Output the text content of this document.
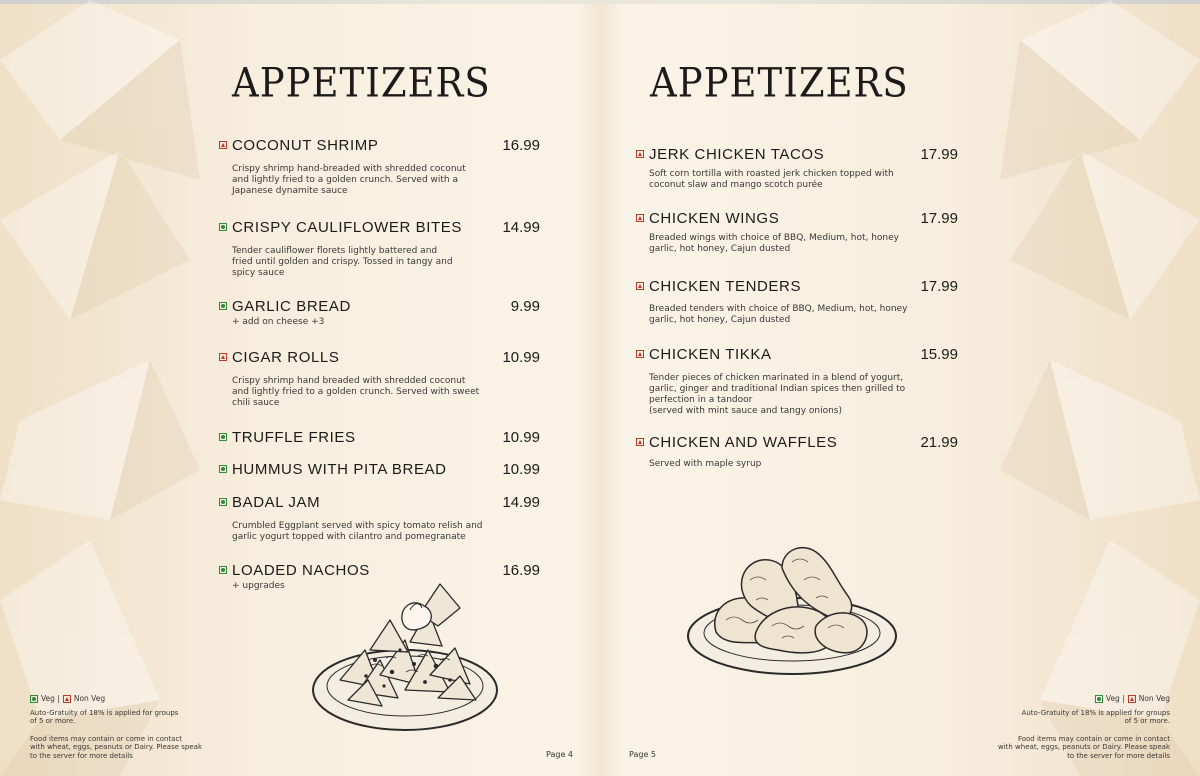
APPETIZERS
COCONUT SHRIMP	16.99
Crispy shrimp hand-breaded with shredded coconut
and lightly fried to a golden crunch. Served with a
Japanese dynamite sauce
CRISPY CAULIFLOWER BITES	14.99
Tender cauliflower florets lightly battered and
fried until golden and crispy. Tossed in tangy and
spicy sauce
GARLIC BREAD	9.99
+ add on cheese +3
CIGAR ROLLS	10.99
Crispy shrimp hand breaded with shredded coconut
and lightly fried to a golden crunch. Served with sweet
chili sauce
TRUFFLE FRIES	10.99
HUMMUS WITH PITA BREAD	10.99
BADAL JAM	14.99
Crumbled Eggplant served with spicy tomato relish and
garlic yogurt topped with cilantro and pomegranate
LOADED NACHOS	16.99
+ upgrades
APPETIZERS
JERK CHICKEN TACOS	17.99
Soft corn tortilla with roasted jerk chicken topped with
coconut slaw and mango scotch purée
CHICKEN WINGS	17.99
Breaded wings with choice of BBQ, Medium, hot, honey
garlic, hot honey, Cajun dusted
CHICKEN TENDERS	17.99
Breaded tenders with choice of BBQ, Medium, hot, honey
garlic, hot honey, Cajun dusted
CHICKEN TIKKA	15.99
Tender pieces of chicken marinated in a blend of yogurt,
garlic, ginger and traditional Indian spices then grilled to
perfection in a tandoor
(served with mint sauce and tangy onions)
CHICKEN AND WAFFLES	21.99
Served with maple syrup
Veg | Non Veg
Auto-Gratuity of 18% is applied for groups
of 5 or more.
Food items may contain or come in contact
with wheat, eggs, peanuts or Dairy. Please speak
to the server for more details
Veg | Non Veg
Auto-Gratuity of 18% is applied for groups
of 5 or more.
Food items may contain or come in contact
with wheat, eggs, peanuts or Dairy. Please speak
to the server for more details
Page 4	Page 5
